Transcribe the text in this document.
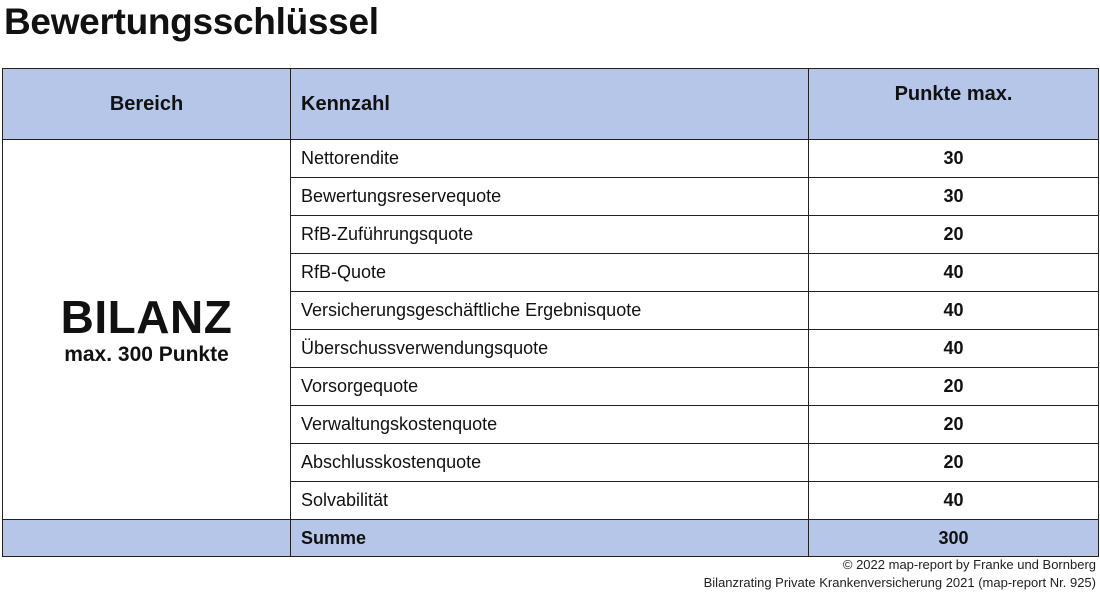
Bewertungsschlüssel
Bereich	Kennzahl	Punkte max.

BILANZ
max. 300 Punkte	Nettorendite	30
	Bewertungsreservequote	30
	RfB-Zuführungsquote	20
	RfB-Quote	40
	Versicherungsgeschäftliche Ergebnisquote	40
	Überschussverwendungsquote	40
	Vorsorgequote	20
	Verwaltungskostenquote	20
	Abschlusskostenquote	20
	Solvabilität	40
	Summe	300
© 2022 map-report by Franke und Bornberg
Bilanzrating Private Krankenversicherung 2021 (map-report Nr. 925)
